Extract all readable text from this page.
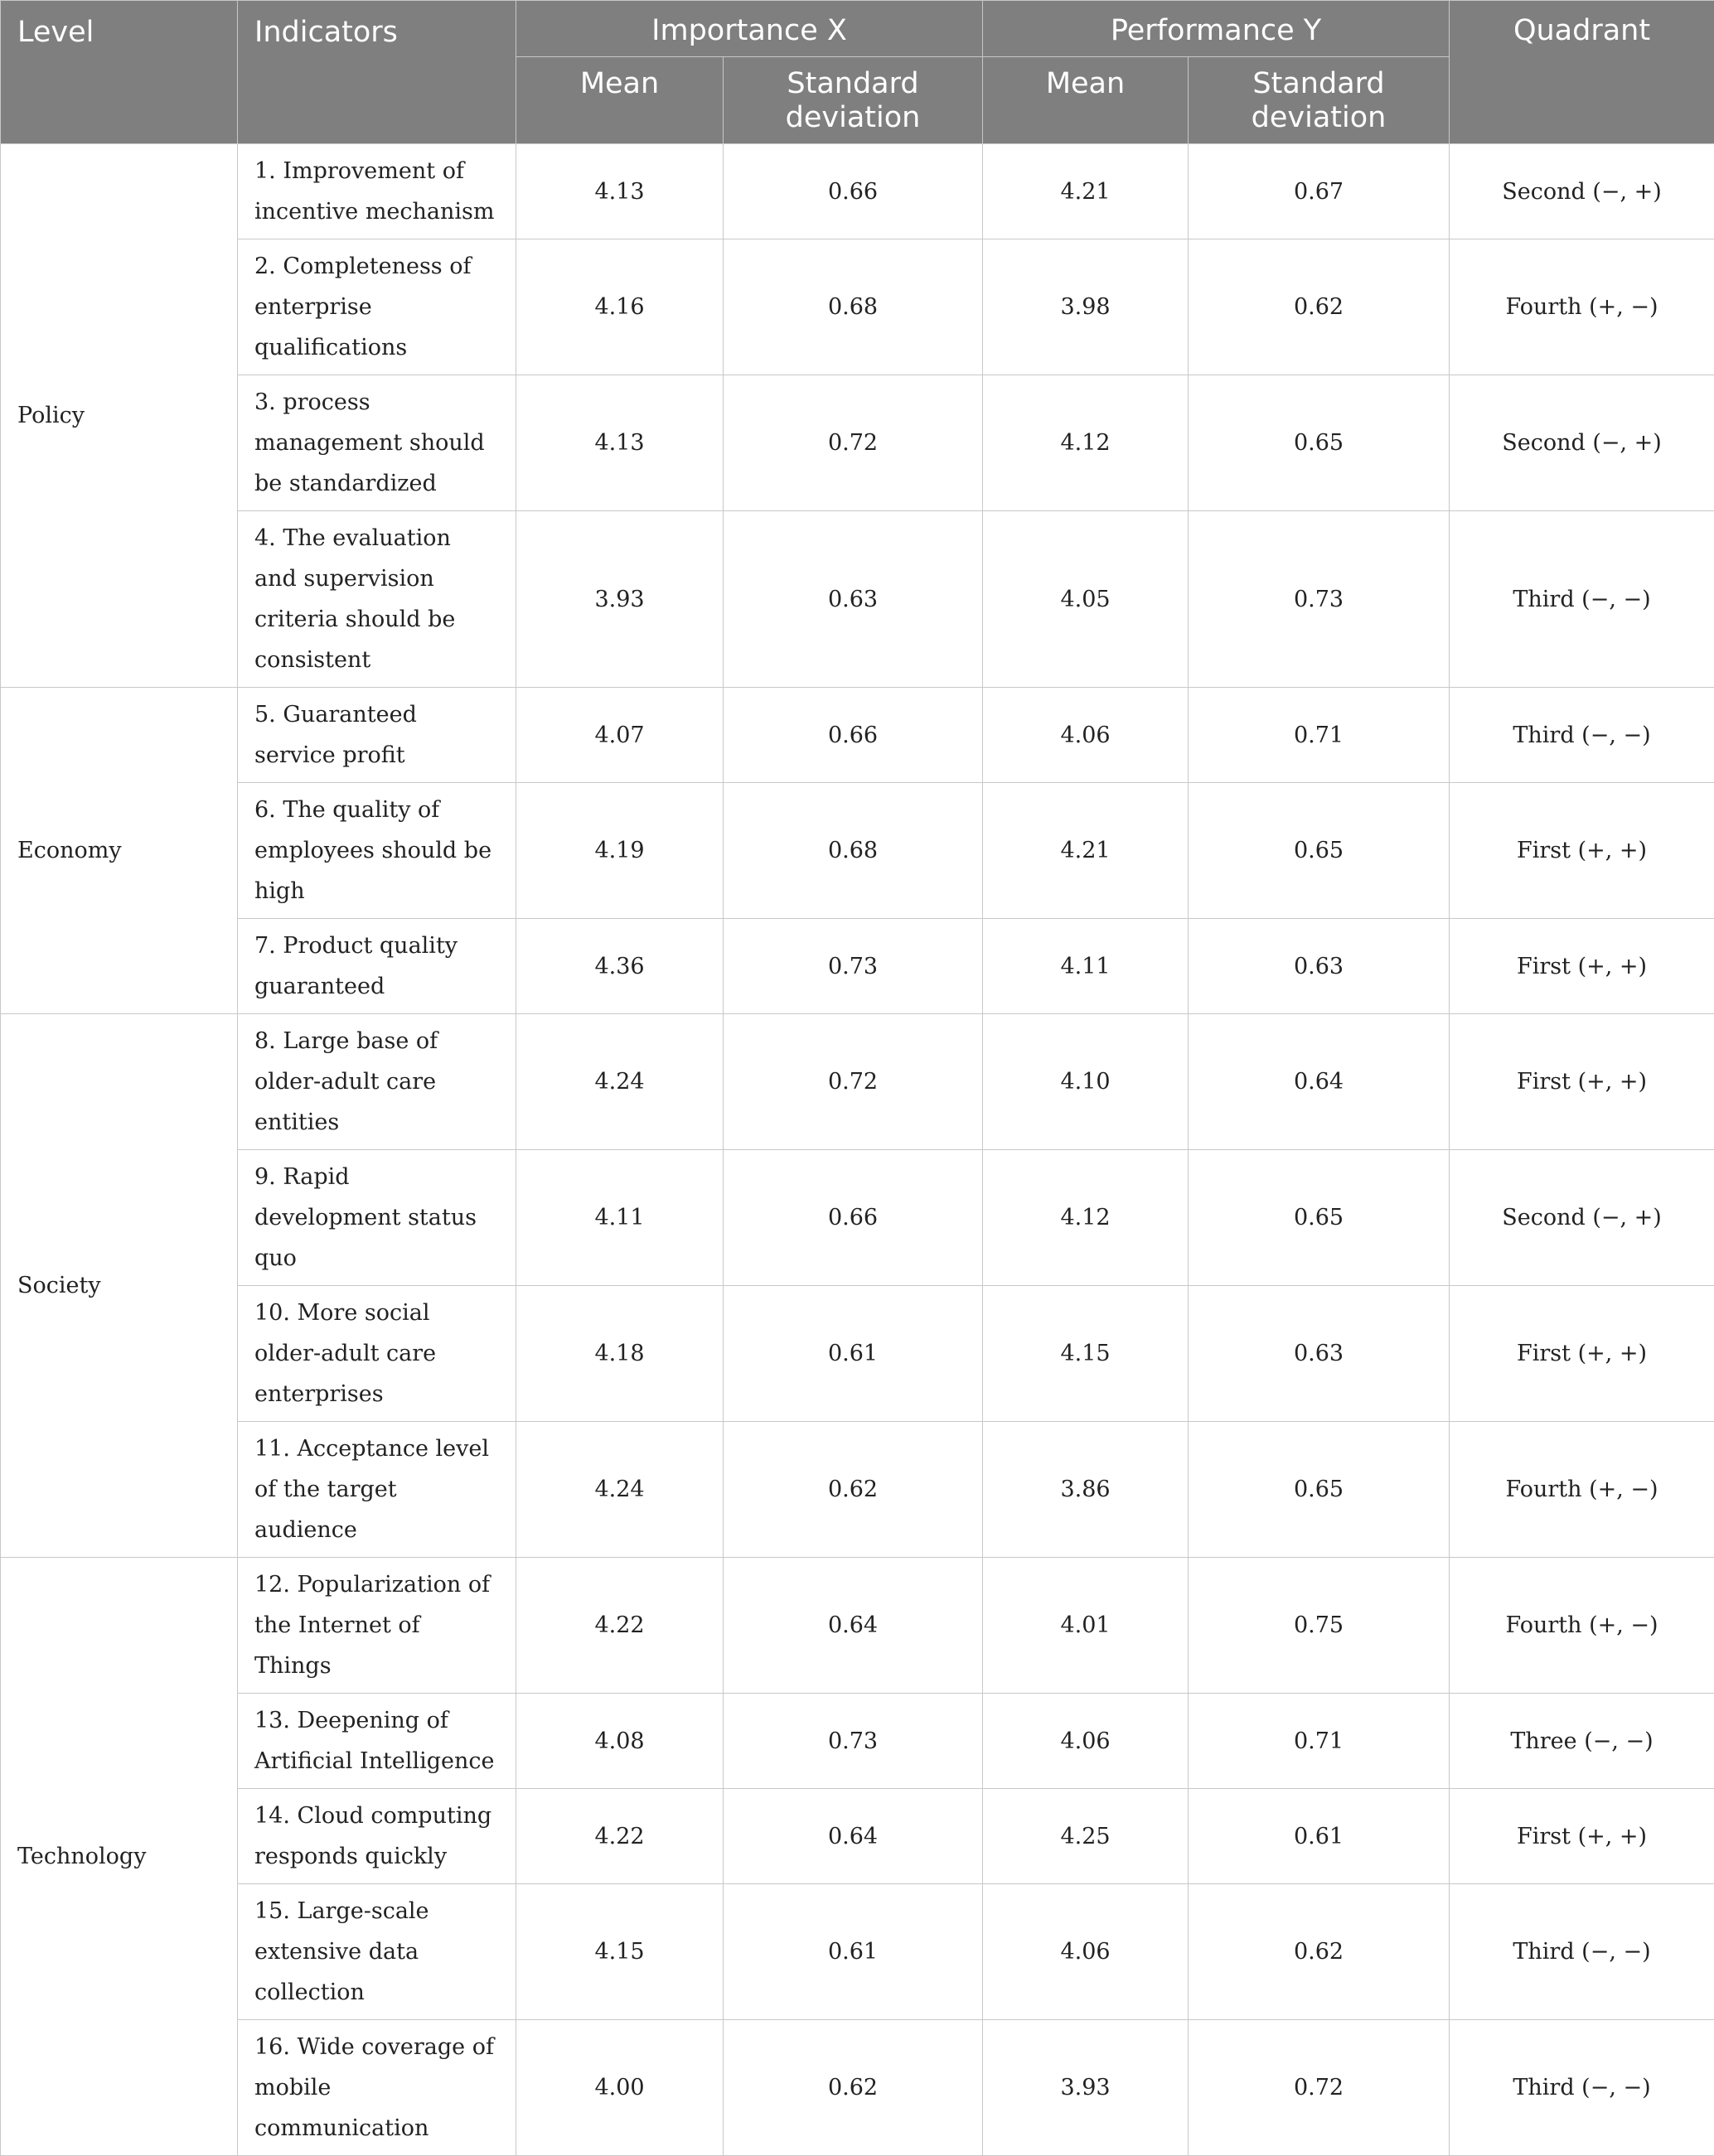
Level	Indicators	Importance X		Performance Y		Quadrant
		Mean	Standard deviation	Mean	Standard deviation	
Policy	1. Improvement of incentive mechanism	4.13	0.66	4.21	0.67	Second (−, +)
	2. Completeness of enterprise qualifications	4.16	0.68	3.98	0.62	Fourth (+, −)
	3. process management should be standardized	4.13	0.72	4.12	0.65	Second (−, +)
	4. The evaluation and supervision criteria should be consistent	3.93	0.63	4.05	0.73	Third (−, −)
Economy	5. Guaranteed service profit	4.07	0.66	4.06	0.71	Third (−, −)
	6. The quality of employees should be high	4.19	0.68	4.21	0.65	First (+, +)
	7. Product quality guaranteed	4.36	0.73	4.11	0.63	First (+, +)
Society	8. Large base of older-adult care entities	4.24	0.72	4.10	0.64	First (+, +)
	9. Rapid development status quo	4.11	0.66	4.12	0.65	Second (−, +)
	10. More social older-adult care enterprises	4.18	0.61	4.15	0.63	First (+, +)
	11. Acceptance level of the target audience	4.24	0.62	3.86	0.65	Fourth (+, −)
Technology	12. Popularization of the Internet of Things	4.22	0.64	4.01	0.75	Fourth (+, −)
	13. Deepening of Artificial Intelligence	4.08	0.73	4.06	0.71	Three (−, −)
	14. Cloud computing responds quickly	4.22	0.64	4.25	0.61	First (+, +)
	15. Large-scale extensive data collection	4.15	0.61	4.06	0.62	Third (−, −)
	16. Wide coverage of mobile communication	4.00	0.62	3.93	0.72	Third (−, −)
